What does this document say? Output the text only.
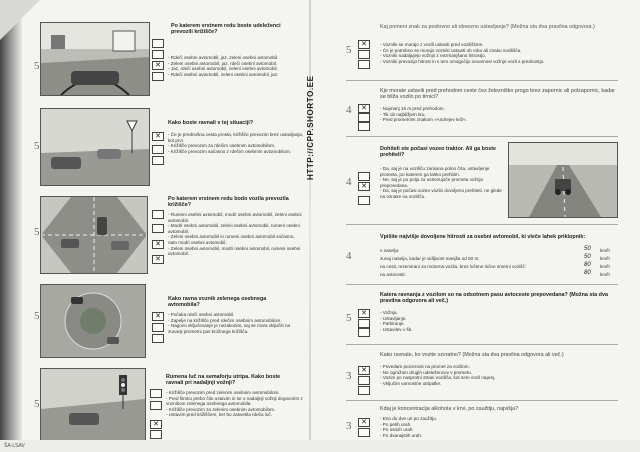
HTTP://CPP.SHORTO.EE
5
Po katerem vrstnem redu boste udeleženci prevozili križišče?
✕
- Rdeči osebni avtomobil, jaz, zeleni osebni avtomobil.
- Zeleni osebni avtomobil, jaz, rdeči osebni avtomobil.
- Jaz, rdeči osebni avtomobil, zeleni osebni avtomobil.
- Rdeči osebni avtomobil, zeleni osebni avtomobil, jaz.
5
Kako boste ravnali v tej situaciji?
✕	- Če je prednošna cesta prosta, križišče prevozim brez ustavljanja, kot prvi.
- Križišče prevozim za rdečim osebnim avtomobilom.
- Križišče prevozim sačasno z rdečim osebnim avtomobilom.
5
Po katerem vrstnem redu bodo vozila prevozila križišče?
✕
✕
- Rumeni osebni avtomobil, modri osebni avtomobil, zeleni osebni avtomobil.
- Modri osebni avtomobil, zeleni osebni avtomobil, rumeni osebni avtomobil.
- Zeleni osebni avtomobil in rumeni osebni avtomobil sočasno, nato modri osebni avtomobil.
- Zeleni osebni avtomobil, modri osebni avtomobil, rumeni osebni avtomobil.
5
Kako ravna voznik zelenega osebnega avtomobila?
✕	- Počaka rdeči osebni avtomobil.
- Zapelje na križišče pred rdečim osebnim avtomobilom.
- Nagovo vključevanje je nezakonito, saj se mora vključiti na zunanji prometni pas krožnega križišča.
5
Rumena luč na semaforju utripa. Kako boste ravnali pri nadaljnji vožnji?
✕
- Križišče prevozim pred zelenim osebnim avtomobilom.
- Pred široko prebo čito ustavim in se o nadaljnji vožnji dogovorim z voznikom zelenega osebnega avtomobila.
- Križišče prevozim za zelenim osebnim avtomobilom.
- Ustavim pred križiščem, ker bo zasvetila rdeča luč.
5
Kaj pomeni znak za poslovno ali obvezno ustavljanje? (Možna sta dva pravilna odgovora.)
✕	- Vozniki se morajo z vozili ustaviti pred voziliščem.
- Če je potrebno se morajo vozniki ustaviti ob robu ali znaku vozilišča.
- Vozniki nadaljujejo vožnjo z nezmanjšano hitrostjo.
- Vozniki prevozijo hitrost in s tem omogočijo nevarnost vožnje vozil s prednostjo.
4
Kje morate ustaviti pred prehodom ceste čez železniško progo brez zapornic ali polzapornic, kadar se bliža vozilo po tirnici?
✕	- Najmanj 15 m pred prehodom.
- Tik ob najbližjem tiru.
- Pred prometnim znakom »Andrejev križ«.
4
Dohiteli ste počasi vozeo traktor. Ali ga boste prehiteli?
✕
- Da, saj je na vozišču zarisana polno črta, ustavljenje prometa, po katerem ga lahko prehitim.
- Ne, saj je po polju za ustrezujoče prometa vožnja prepovedana.
- Da, saj je počasi vozeo vozilo dovoljeno prehiteti, ne glede na oznake na vozišču.
4
Vpišite najvišje dovoljene hitrosti za osebni avtomobil, ki vleče lahek priklopnik:
v naselju:	50 km/h
zunaj naselja, kadar je vidljivost manjša od 50 m:	50 km/h
na cesti, rezervirani za motorna vozila, brez ločene ločne smerni vozišč:	80 km/h
na avtocesti:	80 km/h
5
Katera ravnanja z vozilom so na odsotnem pasu avtoceste prepovedana? (Možna sta dva pravilna odgovora ali več.)
✕	- Vožnja.
- Ustavljanje.
- Parkiranje.
- Ustavitev v šk.
3
Kako ravnate, ko vozite vzvratno? (Možna sta dva pravilna odgovora ali več.)
✕
- Povedam pozornost na promet za vozilom.
- Ne ogrožam drugih udeležencev v prometu.
- Vozim po nasprotni strani vozišča, kot sem vozil naprej.
- Vključim varnostne utripalke.
3
Kdaj je koncentracija alkohola v krvi, po zaužitju, najvišja?
✕
- Eno do dve uri po zaužitju.
- Po petih urah.
- Po osmih urah.
- Po dvanajstih urah.
ŠA-LSAV
